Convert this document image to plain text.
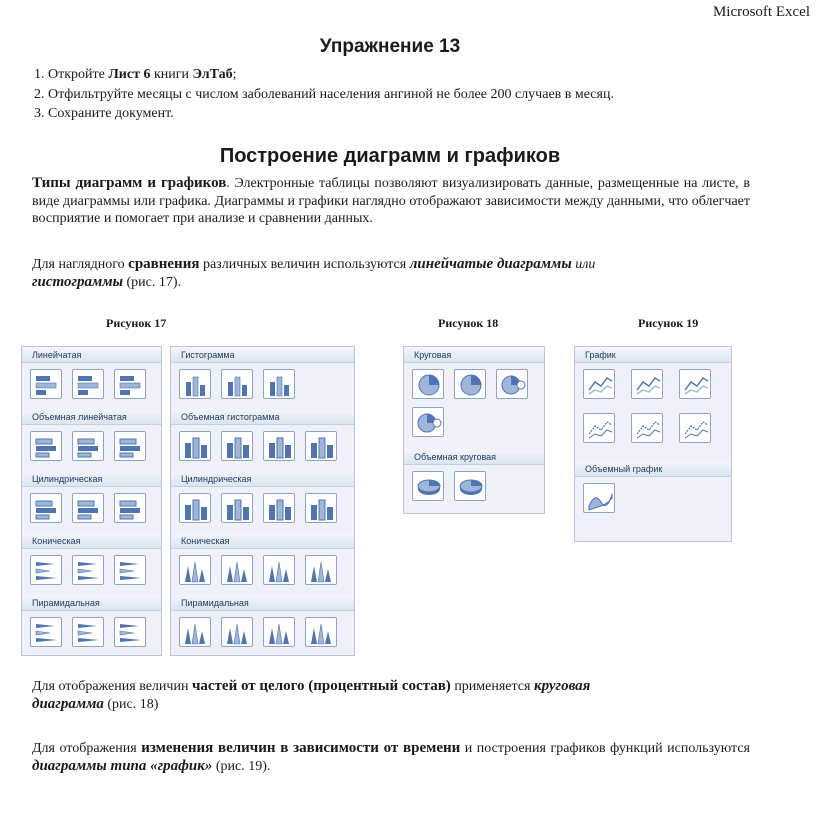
Microsoft Excel
Упражнение 13
1. Откройте Лист 6 книги ЭлТаб;
2. Отфильтруйте месяцы с числом заболеваний населения ангиной не более 200 случаев в месяц.
3. Сохраните документ.
Построение диаграмм и графиков
Типы диаграмм и графиков. Электронные таблицы позволяют визуализировать данные, размещенные на листе, в виде диаграммы или графика. Диаграммы и графики наглядно отображают зависимости между данными, что облегчает восприятие и помогает при анализе и сравнении данных.
Для наглядного сравнения различных величин используются линейчатые диаграммы или
гистограммы (рис. 17).
Рисунок 17	Рисунок 18	Рисунок 19
Линейчатая
Объемная линейчатая
Цилиндрическая
Коническая
Пирамидальная
Гистограмма
Объемная гистограмма
Цилиндрическая
Коническая
Пирамидальная
Круговая
Объемная круговая
График
Объемный график
Для отображения величин частей от целого (процентный состав) применяется круговая
диаграмма (рис. 18)
Для отображения изменения величин в зависимости от времени и построения графиков функций используются диаграммы типа «график» (рис. 19).
